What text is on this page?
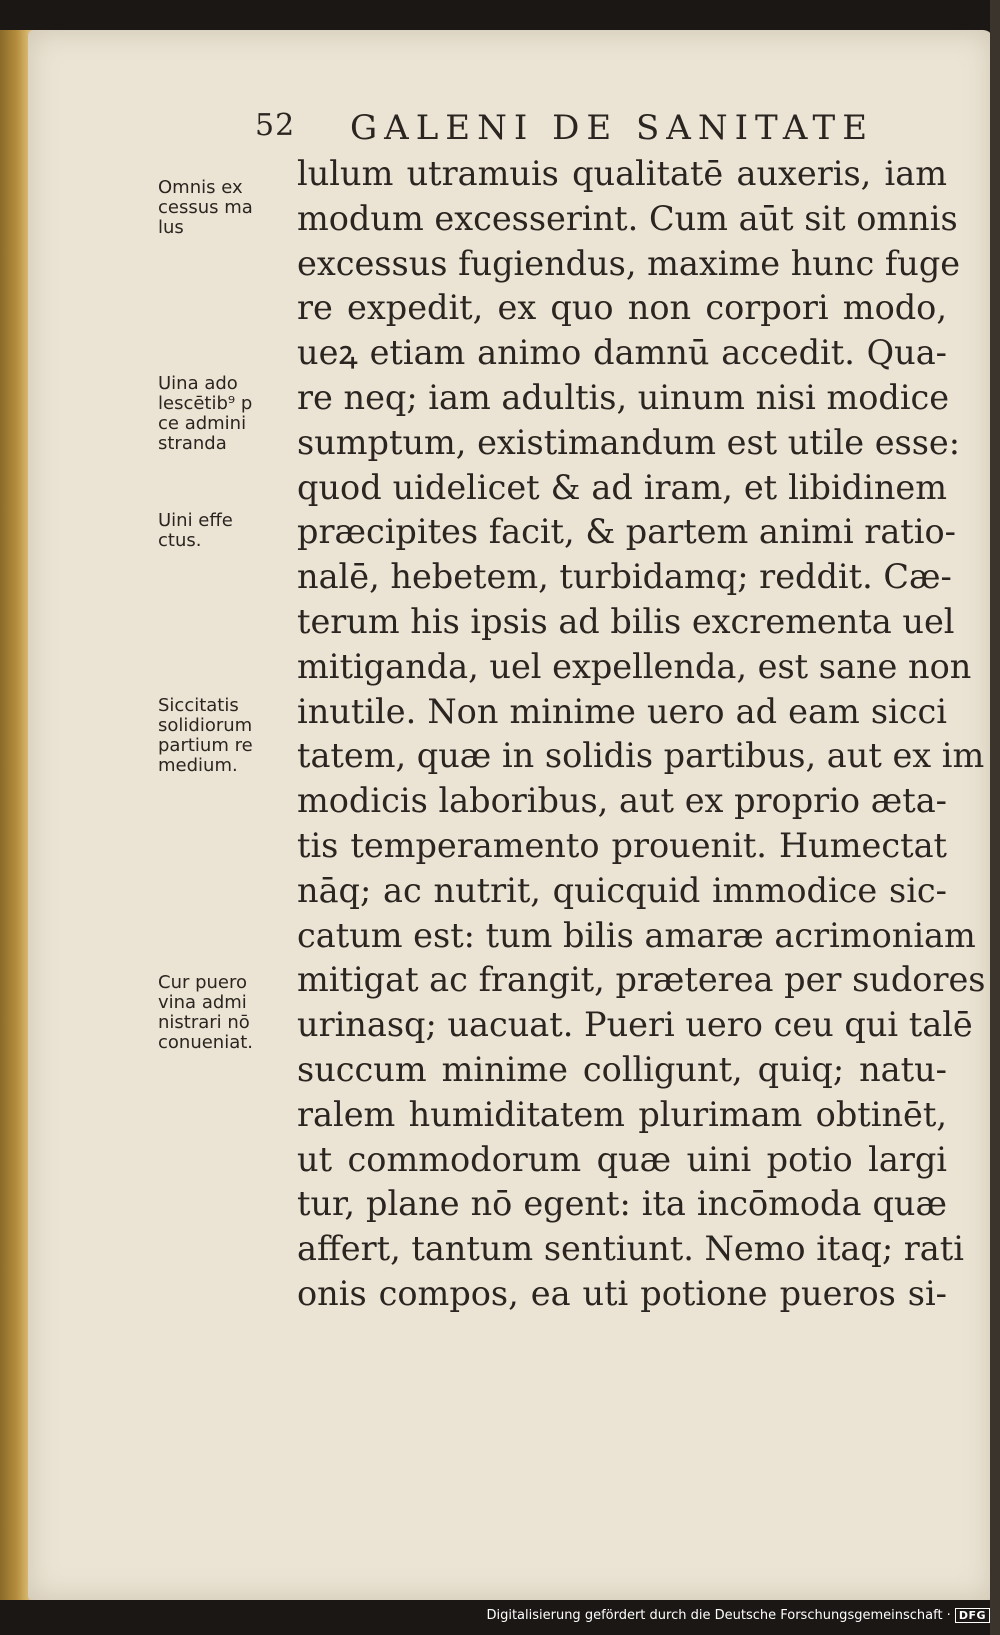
52 GALENI DE SANITATE
Omnis ex
cessus ma
lus
Uina ado
lescētib⁹ p
ce admini
stranda
Uini effe
ctus.
Siccitatis
solidiorum
partium re
medium.
Cur puero
vina admi
nistrari nō
conueniat.
lulum utramuis qualitatē auxeris, iam
modum excesserint. Cum aūt sit omnis
excessus fugiendus, maxime hunc fuge
re expedit, ex quo non corpori modo,
ueꝝ etiam animo damnū accedit. Qua-
re neq; iam adultis, uinum nisi modice
sumptum, existimandum est utile esse:
quod uidelicet & ad iram, et libidinem
præcipites facit, & partem animi ratio-
nalē, hebetem, turbidamq; reddit. Cæ-
terum his ipsis ad bilis excrementa uel
mitiganda, uel expellenda, est sane non
inutile. Non minime uero ad eam sicci
tatem, quæ in solidis partibus, aut ex im
modicis laboribus, aut ex proprio æta-
tis temperamento prouenit. Humectat
nāq; ac nutrit, quicquid immodice sic-
catum est: tum bilis amaræ acrimoniam
mitigat ac frangit, præterea per sudores
urinasq; uacuat. Pueri uero ceu qui talē
succum minime colligunt, quiq; natu-
ralem humiditatem plurimam obtinēt,
ut commodorum quæ uini potio largi
tur, plane nō egent: ita incōmoda quæ
affert, tantum sentiunt. Nemo itaq; rati
onis compos, ea uti potione pueros si-
Digitalisierung gefördert durch die Deutsche Forschungsgemeinschaft · DFG
